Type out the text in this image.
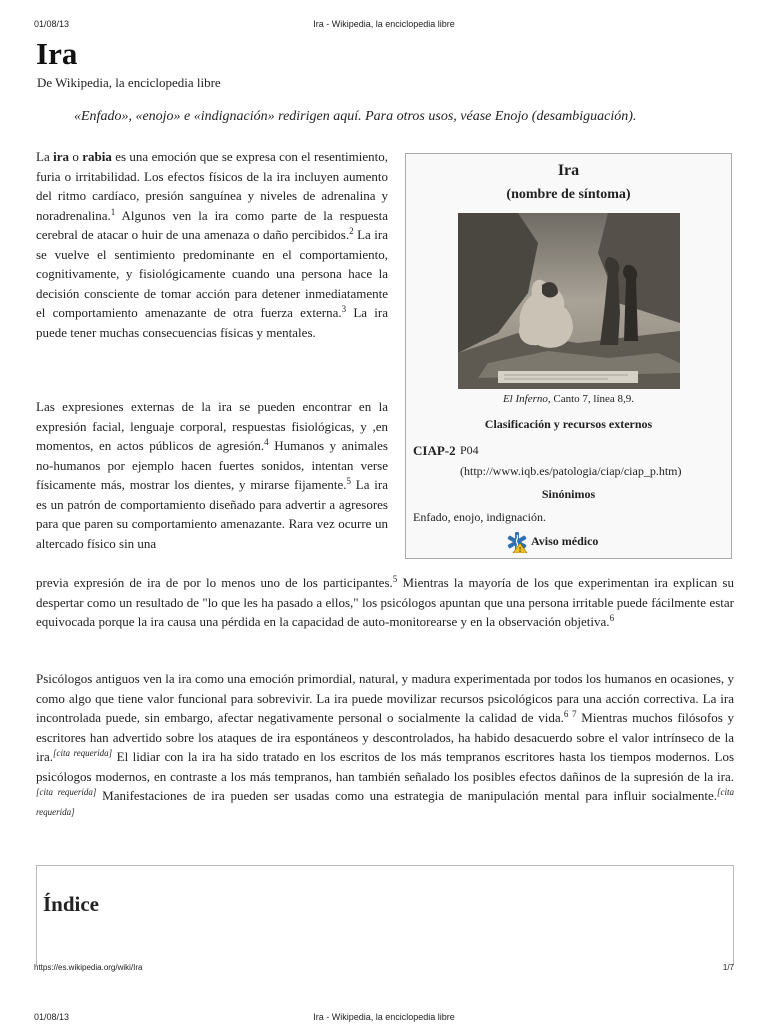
01/08/13	Ira - Wikipedia, la enciclopedia libre
Ira
De Wikipedia, la enciclopedia libre
«Enfado», «enojo» e «indignación» redirigen aquí. Para otros usos, véase Enojo (desambiguación).

La ira o rabia es una emoción que se expresa con el resentimiento, furia o irritabilidad. Los efectos físicos de la ira incluyen aumento del ritmo cardíaco, presión sanguínea y niveles de adrenalina y noradrenalina.$^1$ Algunos ven la ira como parte de la respuesta cerebral de atacar o huir de una amenaza o daño percibidos.$^2$ La ira se vuelve el sentimiento predominante en el comportamiento, cognitivamente, y fisiológicamente cuando una persona hace la decisión consciente de tomar acción para detener inmediatamente el comportamiento amenazante de otra fuerza externa.$^3$ La ira puede tener muchas consecuencias físicas y mentales.

Las expresiones externas de la ira se pueden encontrar en la expresión facial, lenguaje corporal, respuestas fisiológicas, y ,en momentos, en actos públicos de agresión.$^4$ Humanos y animales no-humanos por ejemplo hacen fuertes sonidos, intentan verse físicamente más, mostrar los dientes, y mirarse fijamente.$^5$ La ira es un patrón de comportamiento diseñado para advertir a agresores para que paren su comportamiento amenazante. Rara vez ocurre un altercado físico sin una

previa expresión de ira de por lo menos uno de los participantes.$^5$ Mientras la mayoría de los que experimentan ira explican su despertar como un resultado de "lo que les ha pasado a ellos," los psicólogos apuntan que una persona irritable puede fácilmente estar equivocada porque la ira causa una pérdida en la capacidad de auto-monitorearse y en la observación objetiva.$^6$

Psicólogos antiguos ven la ira como una emoción primordial, natural, y madura experimentada por todos los humanos en ocasiones, y como algo que tiene valor funcional para sobrevivir. La ira puede movilizar recursos psicológicos para una acción correctiva. La ira incontrolada puede, sin embargo, afectar negativamente personal o socialmente la calidad de vida.$^{6 7}$ Mientras muchos filósofos y escritores han advertido sobre los ataques de ira espontáneos y descontrolados, ha habido desacuerdo sobre el valor intrínseco de la ira.[cita requerida] El lidiar con la ira ha sido tratado en los escritos de los más tempranos escritores hasta los tiempos modernos. Los psicólogos modernos, en contraste a los más tempranos, han también señalado los posibles efectos dañinos de la supresión de la ira.[cita requerida] Manifestaciones de ira pueden ser usadas como una estrategia de manipulación mental para influir socialmente.[cita requerida]

Ira
(nombre de síntoma)
El Inferno, Canto 7, línea 8,9.
Clasificación y recursos externos
CIAP-2 P04
(http://www.iqb.es/patologia/ciap/ciap_p.htm)
Sinónimos
Enfado, enojo, indignación.
!
Aviso médico
Índice
https://es.wikipedia.org/wiki/Ira	1/7
01/08/13	Ira - Wikipedia, la enciclopedia libre
